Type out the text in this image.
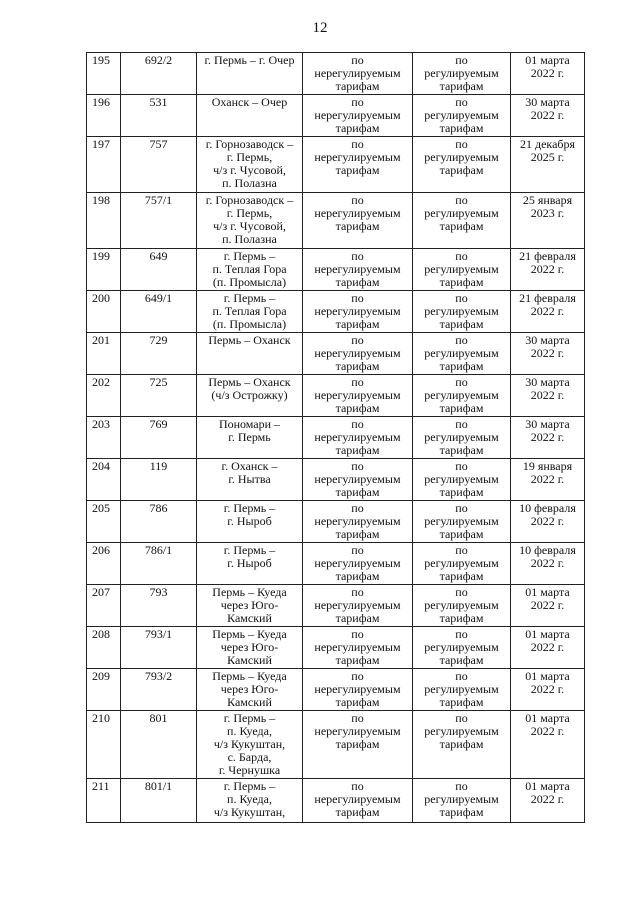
12
195	692/2	г. Пермь – г. Очер	по
нерегулируемым
тарифам	по
регулируемым
тарифам	01 марта
2022 г.
196	531	Оханск – Очер	по
нерегулируемым
тарифам	по
регулируемым
тарифам	30 марта
2022 г.
197	757	г. Горнозаводск –
г. Пермь,
ч/з г. Чусовой,
п. Полазна	по
нерегулируемым
тарифам	по
регулируемым
тарифам	21 декабря
2025 г.
198	757/1	г. Горнозаводск –
г. Пермь,
ч/з г. Чусовой,
п. Полазна	по
нерегулируемым
тарифам	по
регулируемым
тарифам	25 января
2023 г.
199	649	г. Пермь –
п. Теплая Гора
(п. Промысла)	по
нерегулируемым
тарифам	по
регулируемым
тарифам	21 февраля
2022 г.
200	649/1	г. Пермь –
п. Теплая Гора
(п. Промысла)	по
нерегулируемым
тарифам	по
регулируемым
тарифам	21 февраля
2022 г.
201	729	Пермь – Оханск	по
нерегулируемым
тарифам	по
регулируемым
тарифам	30 марта
2022 г.
202	725	Пермь – Оханск
(ч/з Острожку)	по
нерегулируемым
тарифам	по
регулируемым
тарифам	30 марта
2022 г.
203	769	Пономари –
г. Пермь	по
нерегулируемым
тарифам	по
регулируемым
тарифам	30 марта
2022 г.
204	119	г. Оханск –
г. Нытва	по
нерегулируемым
тарифам	по
регулируемым
тарифам	19 января
2022 г.
205	786	г. Пермь –
г. Ныроб	по
нерегулируемым
тарифам	по
регулируемым
тарифам	10 февраля
2022 г.
206	786/1	г. Пермь –
г. Ныроб	по
нерегулируемым
тарифам	по
регулируемым
тарифам	10 февраля
2022 г.
207	793	Пермь – Куеда
через Юго-
Камский	по
нерегулируемым
тарифам	по
регулируемым
тарифам	01 марта
2022 г.
208	793/1	Пермь – Куеда
через Юго-
Камский	по
нерегулируемым
тарифам	по
регулируемым
тарифам	01 марта
2022 г.
209	793/2	Пермь – Куеда
через Юго-
Камский	по
нерегулируемым
тарифам	по
регулируемым
тарифам	01 марта
2022 г.
210	801	г. Пермь –
п. Куеда,
ч/з Кукуштан,
с. Барда,
г. Чернушка	по
нерегулируемым
тарифам	по
регулируемым
тарифам	01 марта
2022 г.
211	801/1	г. Пермь –
п. Куеда,
ч/з Кукуштан,	по
нерегулируемым
тарифам	по
регулируемым
тарифам	01 марта
2022 г.
